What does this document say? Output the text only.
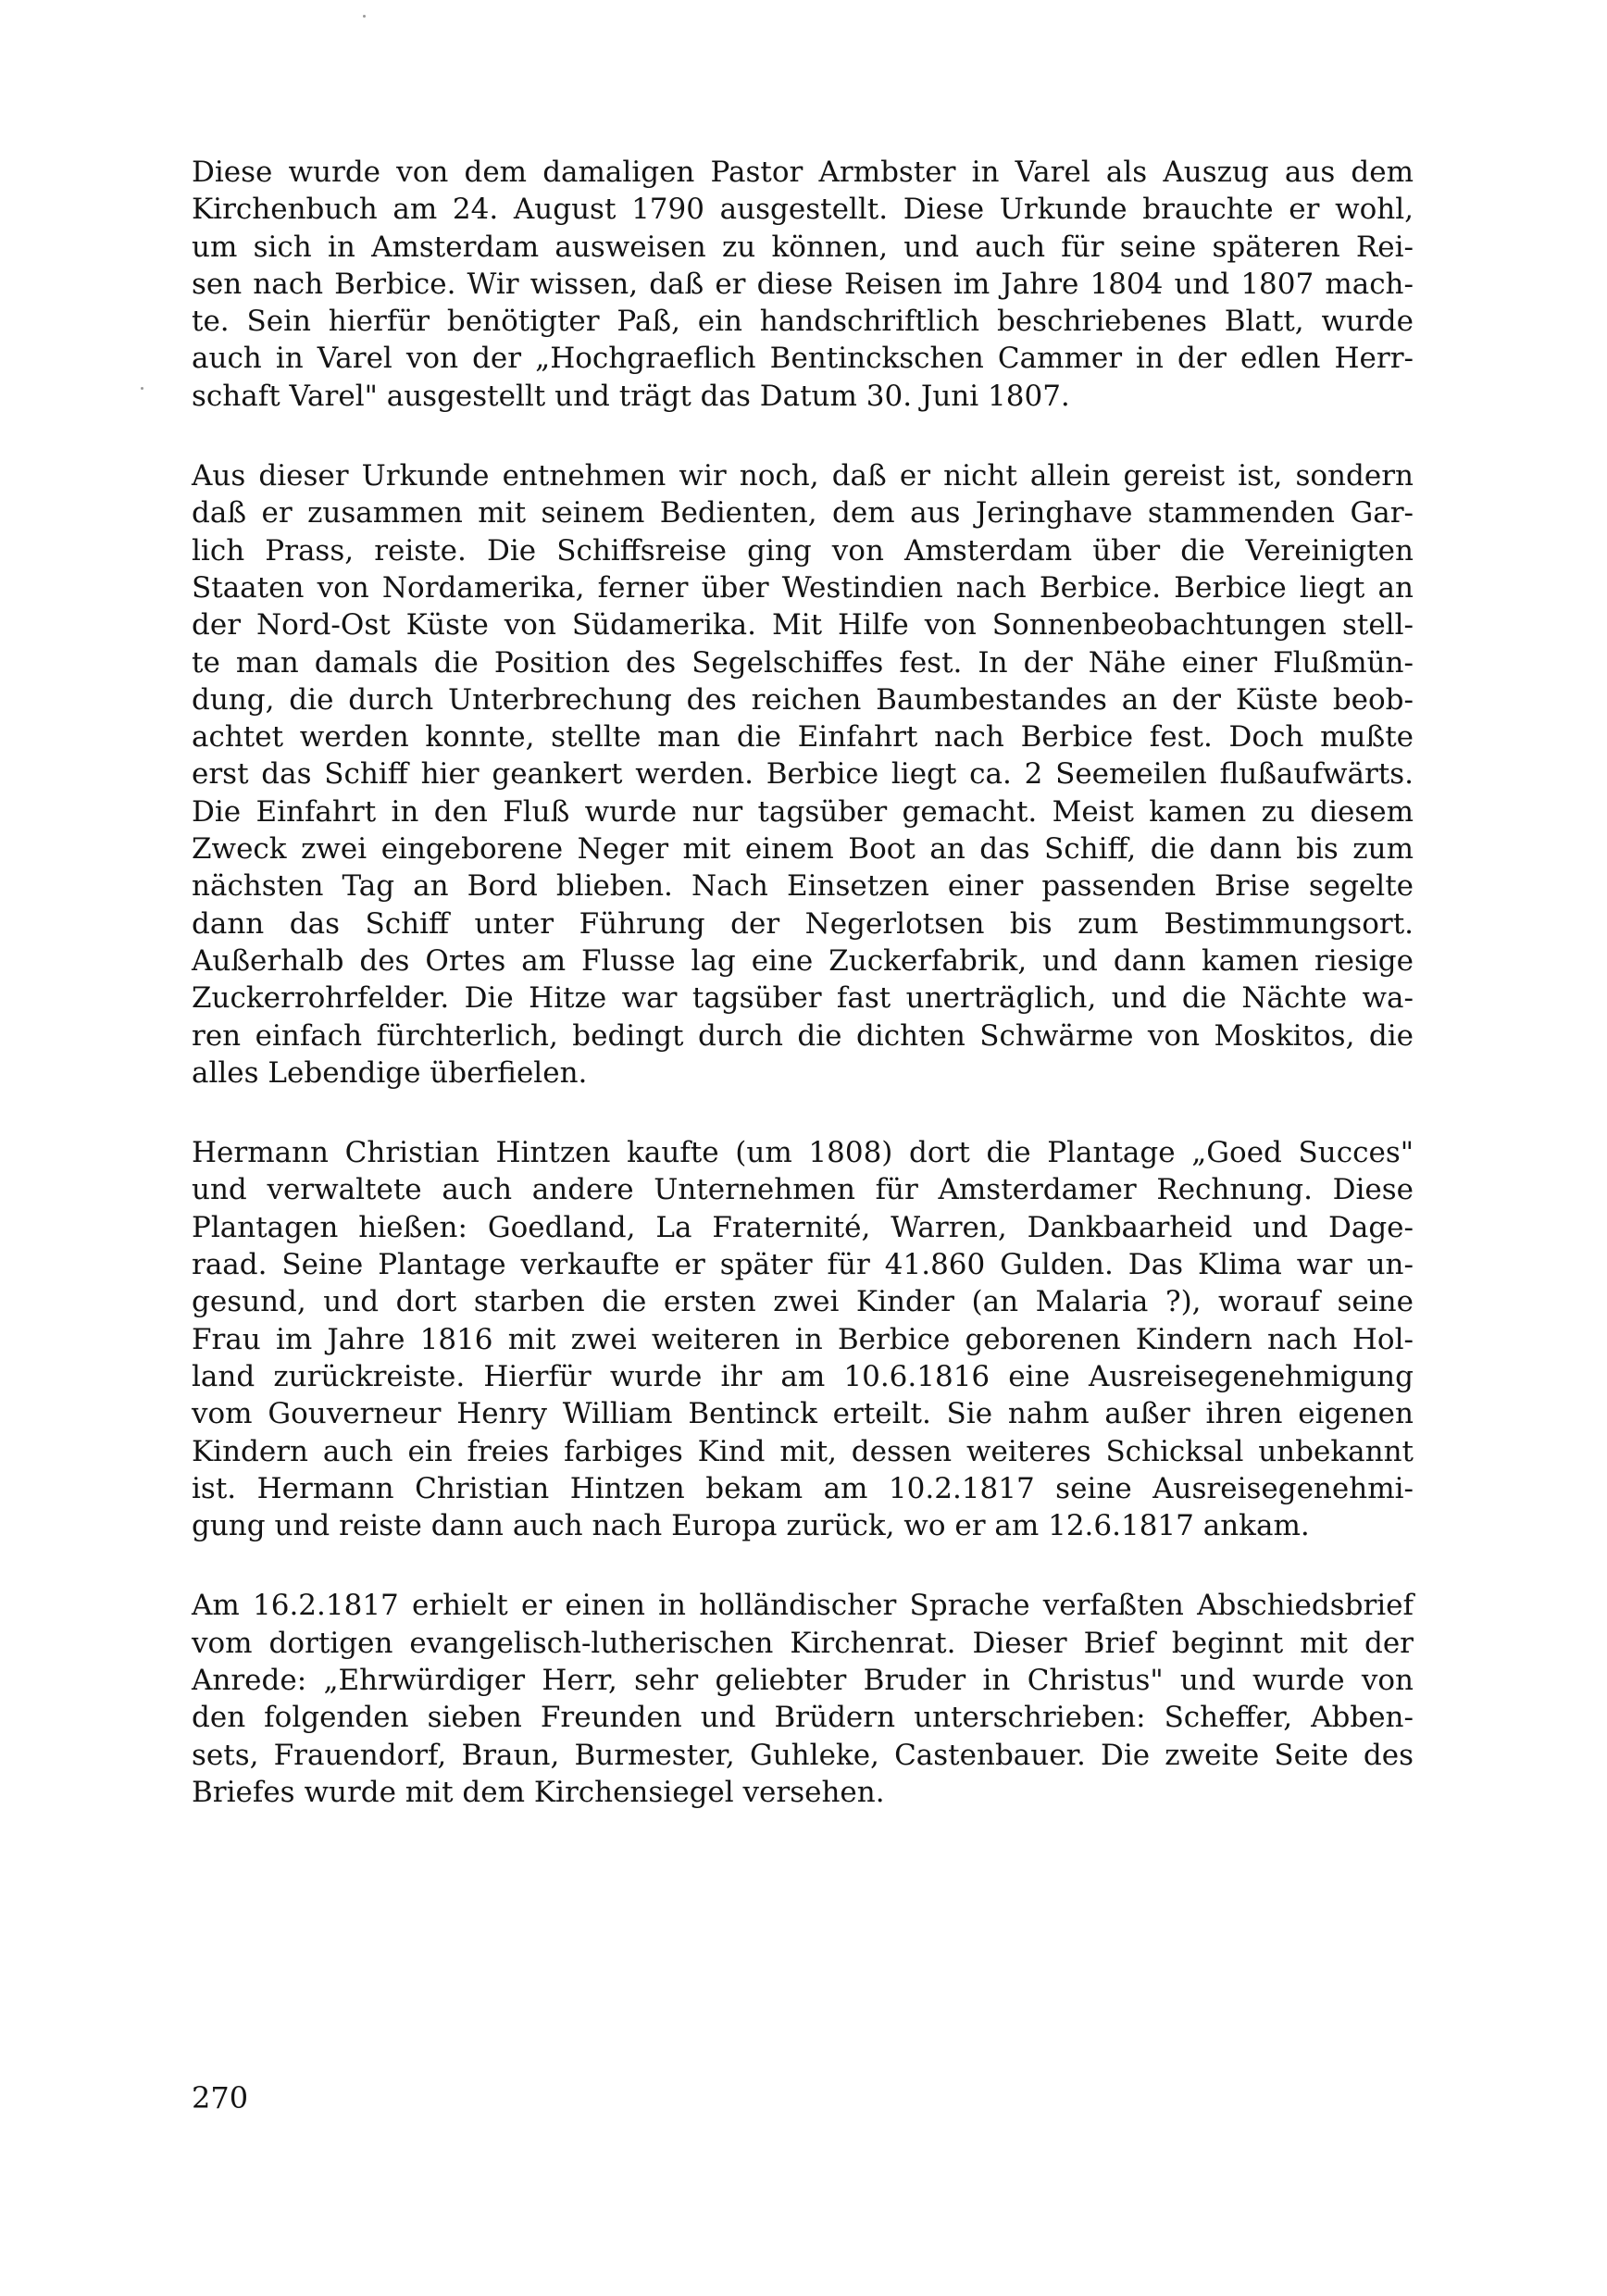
Diese wurde von dem damaligen Pastor Armbster in Varel als Auszug aus dem
Kirchenbuch am 24. August 1790 ausgestellt. Diese Urkunde brauchte er wohl,
um sich in Amsterdam ausweisen zu können, und auch für seine späteren Rei-
sen nach Berbice. Wir wissen, daß er diese Reisen im Jahre 1804 und 1807 mach-
te. Sein hierfür benötigter Paß, ein handschriftlich beschriebenes Blatt, wurde
auch in Varel von der „Hochgraeflich Bentinckschen Cammer in der edlen Herr-
schaft Varel" ausgestellt und trägt das Datum 30. Juni 1807.
Aus dieser Urkunde entnehmen wir noch, daß er nicht allein gereist ist, sondern
daß er zusammen mit seinem Bedienten, dem aus Jeringhave stammenden Gar-
lich Prass, reiste. Die Schiffsreise ging von Amsterdam über die Vereinigten
Staaten von Nordamerika, ferner über Westindien nach Berbice. Berbice liegt an
der Nord-Ost Küste von Südamerika. Mit Hilfe von Sonnenbeobachtungen stell-
te man damals die Position des Segelschiffes fest. In der Nähe einer Flußmün-
dung, die durch Unterbrechung des reichen Baumbestandes an der Küste beob-
achtet werden konnte, stellte man die Einfahrt nach Berbice fest. Doch mußte
erst das Schiff hier geankert werden. Berbice liegt ca. 2 Seemeilen flußaufwärts.
Die Einfahrt in den Fluß wurde nur tagsüber gemacht. Meist kamen zu diesem
Zweck zwei eingeborene Neger mit einem Boot an das Schiff, die dann bis zum
nächsten Tag an Bord blieben. Nach Einsetzen einer passenden Brise segelte
dann das Schiff unter Führung der Negerlotsen bis zum Bestimmungsort.
Außerhalb des Ortes am Flusse lag eine Zuckerfabrik, und dann kamen riesige
Zuckerrohrfelder. Die Hitze war tagsüber fast unerträglich, und die Nächte wa-
ren einfach fürchterlich, bedingt durch die dichten Schwärme von Moskitos, die
alles Lebendige überfielen.
Hermann Christian Hintzen kaufte (um 1808) dort die Plantage „Goed Succes"
und verwaltete auch andere Unternehmen für Amsterdamer Rechnung. Diese
Plantagen hießen: Goedland, La Fraternité, Warren, Dankbaarheid und Dage-
raad. Seine Plantage verkaufte er später für 41.860 Gulden. Das Klima war un-
gesund, und dort starben die ersten zwei Kinder (an Malaria ?), worauf seine
Frau im Jahre 1816 mit zwei weiteren in Berbice geborenen Kindern nach Hol-
land zurückreiste. Hierfür wurde ihr am 10.6.1816 eine Ausreisegenehmigung
vom Gouverneur Henry William Bentinck erteilt. Sie nahm außer ihren eigenen
Kindern auch ein freies farbiges Kind mit, dessen weiteres Schicksal unbekannt
ist. Hermann Christian Hintzen bekam am 10.2.1817 seine Ausreisegenehmi-
gung und reiste dann auch nach Europa zurück, wo er am 12.6.1817 ankam.
Am 16.2.1817 erhielt er einen in holländischer Sprache verfaßten Abschiedsbrief
vom dortigen evangelisch-lutherischen Kirchenrat. Dieser Brief beginnt mit der
Anrede: „Ehrwürdiger Herr, sehr geliebter Bruder in Christus" und wurde von
den folgenden sieben Freunden und Brüdern unterschrieben: Scheffer, Abben-
sets, Frauendorf, Braun, Burmester, Guhleke, Castenbauer. Die zweite Seite des
Briefes wurde mit dem Kirchensiegel versehen.
270
